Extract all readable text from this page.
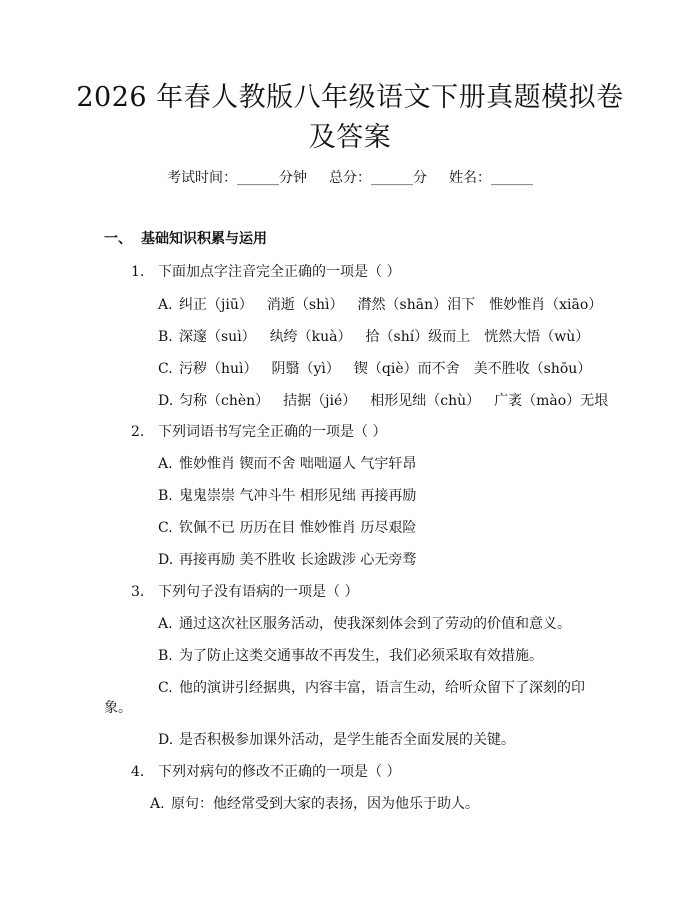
2026 年春人教版八年级语文下册真题模拟卷
及答案
考试时间：______分钟 总分：______分 姓名：______
一、 基础知识积累与运用
1. 下面加点字注音完全正确的一项是（ ）
A. 纠正（jiū） 消逝（shì） 潸然（shān）泪下 惟妙惟肖（xiāo）
B. 深邃（suì） 纨绔（kuà） 拾（shí）级而上 恍然大悟（wù）
C. 污秽（huì） 阴翳（yì） 锲（qiè）而不舍 美不胜收（shōu）
D. 匀称（chèn） 拮据（jié） 相形见绌（chù） 广袤（mào）无垠
2. 下列词语书写完全正确的一项是（ ）
A. 惟妙惟肖 锲而不舍 咄咄逼人 气宇轩昂
B. 鬼鬼崇崇 气冲斗牛 相形见绌 再接再励
C. 钦佩不已 历历在目 惟妙惟肖 历尽艰险
D. 再接再励 美不胜收 长途跋涉 心无旁骛
3. 下列句子没有语病的一项是（ ）
A. 通过这次社区服务活动，使我深刻体会到了劳动的价值和意义。
B. 为了防止这类交通事故不再发生，我们必须采取有效措施。
C. 他的演讲引经据典，内容丰富，语言生动，给听众留下了深刻的印
象。
D. 是否积极参加课外活动，是学生能否全面发展的关键。
4. 下列对病句的修改不正确的一项是（ ）
A. 原句：他经常受到大家的表扬，因为他乐于助人。
